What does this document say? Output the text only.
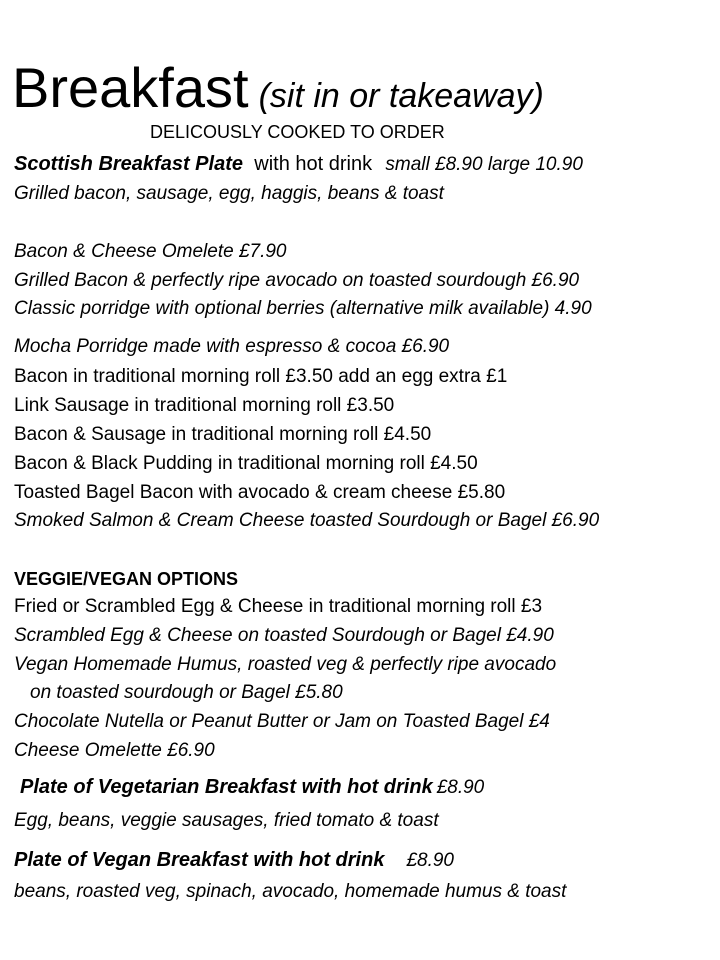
Breakfast (sit in or takeaway)
DELICOUSLY COOKED TO ORDER
Scottish Breakfast Plate with hot drink small £8.90 large 10.90
Grilled bacon, sausage, egg, haggis, beans & toast
Bacon & Cheese Omelete £7.90
Grilled Bacon & perfectly ripe avocado on toasted sourdough £6.90
Classic porridge with optional berries (alternative milk available) 4.90
Mocha Porridge made with espresso & cocoa £6.90
Bacon in traditional morning roll £3.50 add an egg extra £1
Link Sausage in traditional morning roll £3.50
Bacon & Sausage in traditional morning roll £4.50
Bacon & Black Pudding in traditional morning roll £4.50
Toasted Bagel Bacon with avocado & cream cheese £5.80
Smoked Salmon & Cream Cheese toasted Sourdough or Bagel £6.90
VEGGIE/VEGAN OPTIONS
Fried or Scrambled Egg & Cheese in traditional morning roll £3
Scrambled Egg & Cheese on toasted Sourdough or Bagel £4.90
Vegan Homemade Humus, roasted veg & perfectly ripe avocado
on toasted sourdough or Bagel £5.80
Chocolate Nutella or Peanut Butter or Jam on Toasted Bagel £4
Cheese Omelette £6.90
Plate of Vegetarian Breakfast with hot drink £8.90
Egg, beans, veggie sausages, fried tomato & toast
Plate of Vegan Breakfast with hot drink £8.90
beans, roasted veg, spinach, avocado, homemade humus & toast
